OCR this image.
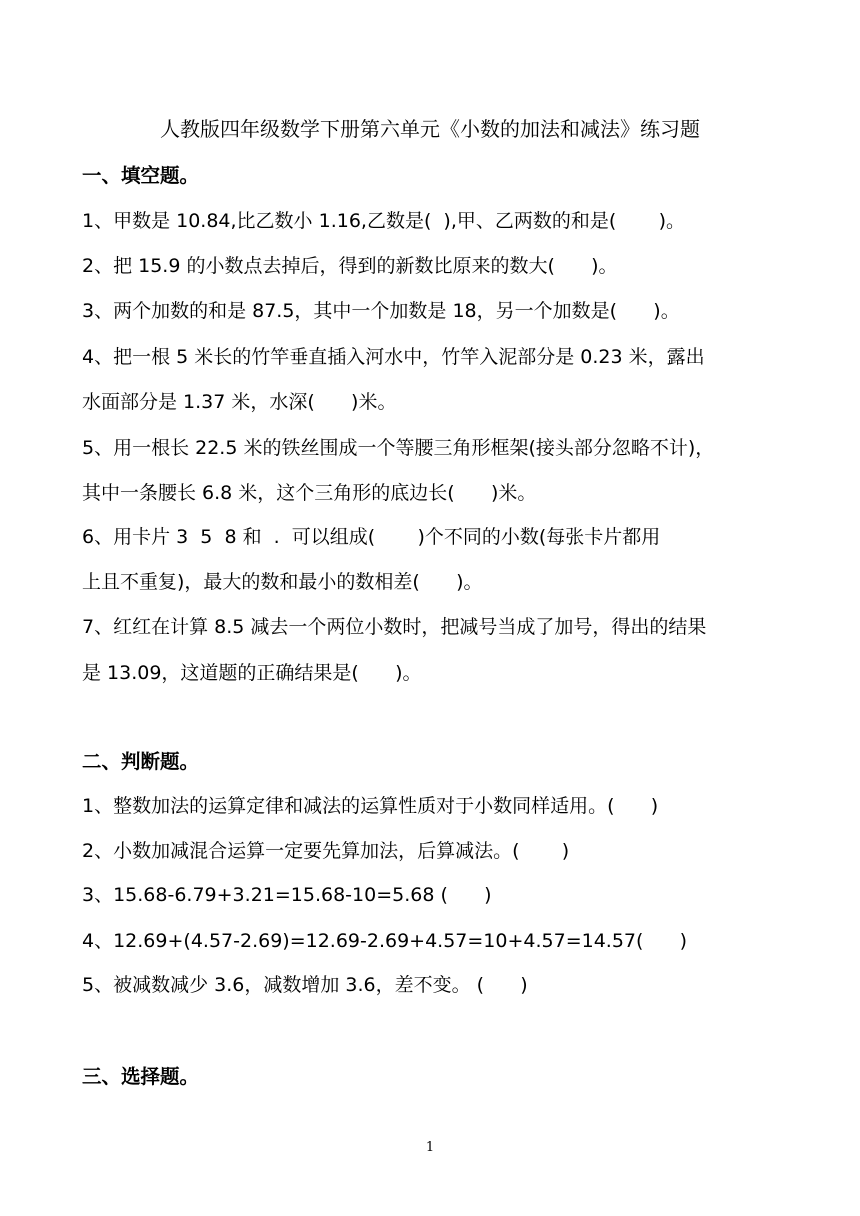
人教版四年级数学下册第六单元《小数的加法和减法》练习题
一、填空题。
1、甲数是 10.84,比乙数小 1.16,乙数是(  ),甲、乙两数的和是(       )。
2、把 15.9 的小数点去掉后，得到的新数比原来的数大(      )。
3、两个加数的和是 87.5，其中一个加数是 18，另一个加数是(      )。
4、把一根 5 米长的竹竿垂直插入河水中，竹竿入泥部分是 0.23 米，露出
水面部分是 1.37 米，水深(      )米。
5、用一根长 22.5 米的铁丝围成一个等腰三角形框架(接头部分忽略不计)，
其中一条腰长 6.8 米，这个三角形的底边长(      )米。
6、用卡片 3  5  8 和  .  可以组成(       )个不同的小数(每张卡片都用
上且不重复)，最大的数和最小的数相差(      )。
7、红红在计算 8.5 减去一个两位小数时，把减号当成了加号，得出的结果
是 13.09，这道题的正确结果是(      )。
二、判断题。
1、整数加法的运算定律和减法的运算性质对于小数同样适用。(      )
2、小数加减混合运算一定要先算加法，后算减法。(       )
3、15.68-6.79+3.21=15.68-10=5.68 (      )
4、12.69+(4.57-2.69)=12.69-2.69+4.57=10+4.57=14.57(      )
5、被减数减少 3.6，减数增加 3.6，差不变。 (      )
三、选择题。
1
